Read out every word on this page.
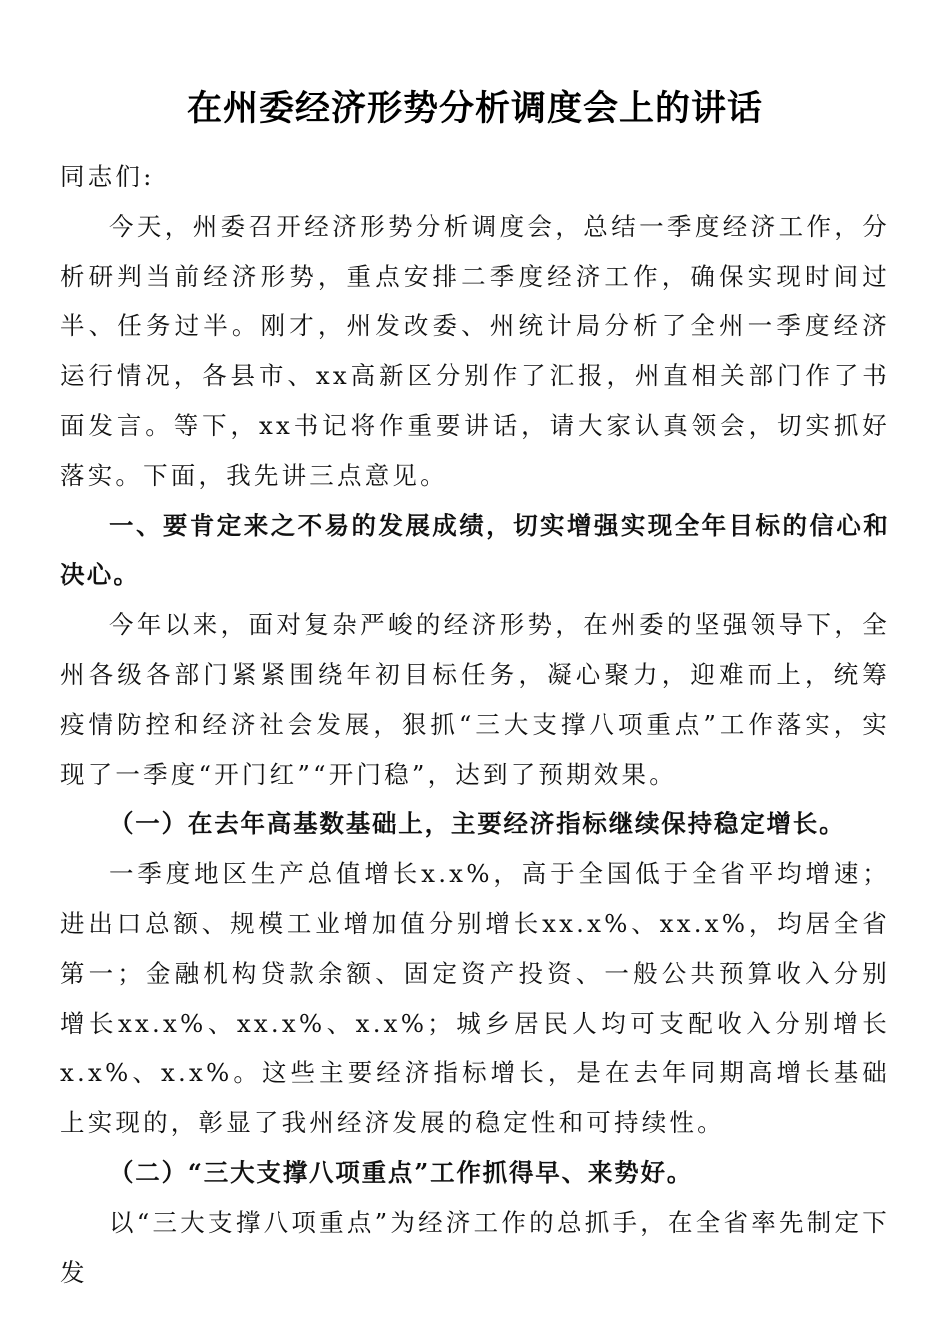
在州委经济形势分析调度会上的讲话

同志们:

今天，州委召开经济形势分析调度会，总结一季度经济工作，分析研判当前经济形势，重点安排二季度经济工作，确保实现时间过半、任务过半。刚才，州发改委、州统计局分析了全州一季度经济运行情况，各县市、xx高新区分别作了汇报，州直相关部门作了书面发言。等下，xx书记将作重要讲话，请大家认真领会，切实抓好落实。下面，我先讲三点意见。

一、要肯定来之不易的发展成绩，切实增强实现全年目标的信心和决心。

今年以来，面对复杂严峻的经济形势，在州委的坚强领导下，全州各级各部门紧紧围绕年初目标任务，凝心聚力，迎难而上，统筹疫情防控和经济社会发展，狠抓“三大支撑八项重点”工作落实，实现了一季度“开门红”“开门稳”，达到了预期效果。

（一）在去年高基数基础上，主要经济指标继续保持稳定增长。

一季度地区生产总值增长x.x%，高于全国低于全省平均增速；进出口总额、规模工业增加值分别增长xx.x%、xx.x%，均居全省第一；金融机构贷款余额、固定资产投资、一般公共预算收入分别增长xx.x%、xx.x%、x.x%；城乡居民人均可支配收入分别增长x.x%、x.x%。这些主要经济指标增长，是在去年同期高增长基础上实现的，彰显了我州经济发展的稳定性和可持续性。

（二）“三大支撑八项重点”工作抓得早、来势好。

以“三大支撑八项重点”为经济工作的总抓手，在全省率先制定下发
